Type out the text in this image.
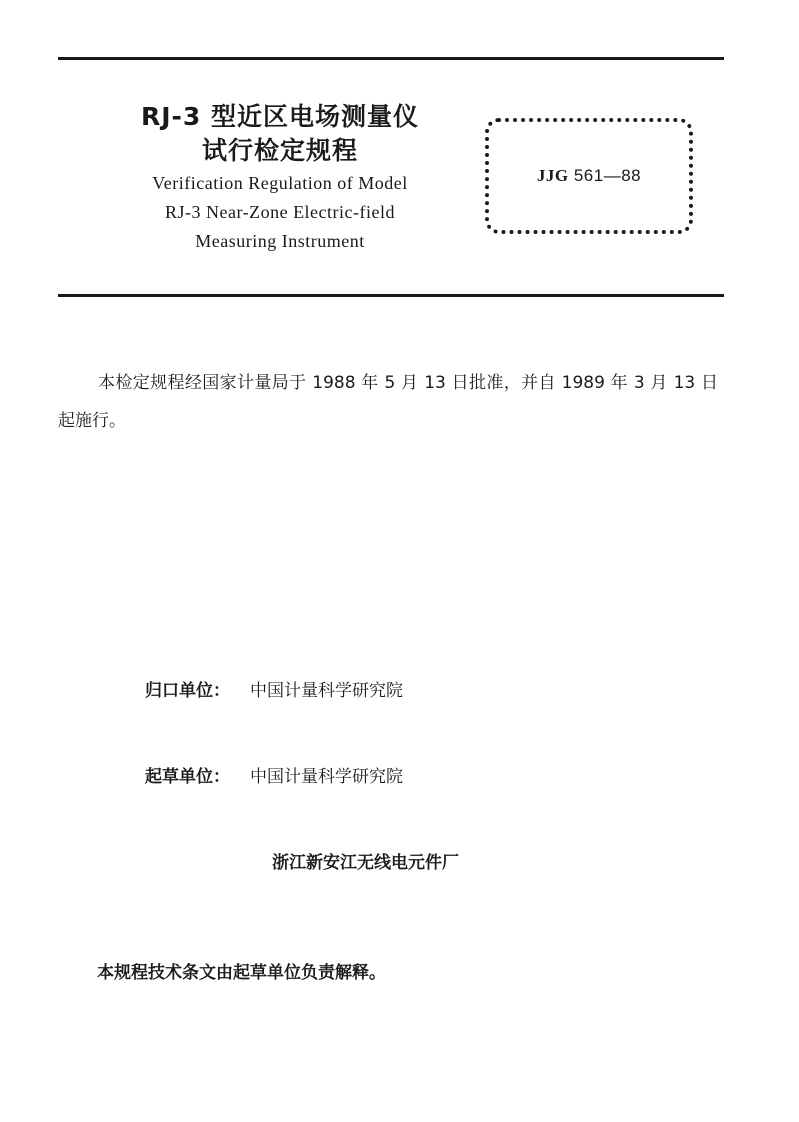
RJ-3 型近区电场测量仪
试行检定规程
Verification Regulation of Model
RJ-3 Near-Zone Electric-field
Measuring Instrument
JJG 561—88
本检定规程经国家计量局于 1988 年 5 月 13 日批准，并自 1989 年 3 月 13 日起施行。
归口单位： 中国计量科学研究院
起草单位： 中国计量科学研究院
浙江新安江无线电元件厂
本规程技术条文由起草单位负责解释。
